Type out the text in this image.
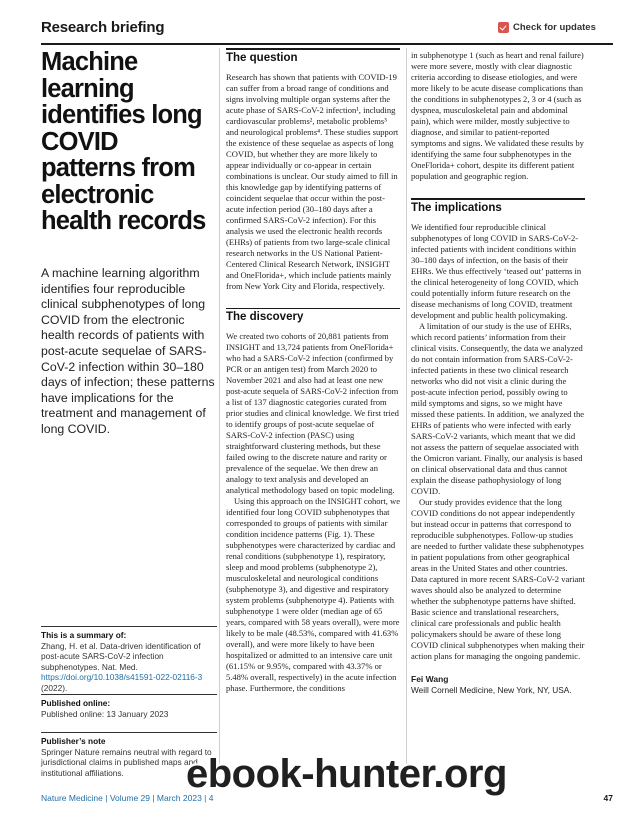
Research briefing	Check for updates
Machine learning identifies long COVID patterns from electronic health records

A machine learning algorithm identifies four reproducible clinical subphenotypes of long COVID from the electronic health records of patients with post-acute sequelae of SARS-CoV-2 infection within 30–180 days of infection; these patterns have implications for the treatment and management of long COVID.

This is a summary of:
Zhang, H. et al. Data-driven identification of post-acute SARS-CoV-2 infection subphenotypes. Nat. Med. https://doi.org/10.1038/s41591-022-02116-3 (2022).
Published online:
Published online: 13 January 2023
Publisher’s note
Springer Nature remains neutral with regard to jurisdictional claims in published maps and institutional affiliations.
The question

Research has shown that patients with COVID-19 can suffer from a broad range of conditions and signs involving multiple organ systems after the acute phase of SARS-CoV-2 infection¹, including cardiovascular problems², metabolic problems³ and neurological problems⁴. These studies support the existence of these sequelae as aspects of long COVID, but whether they are more likely to appear individually or co-appear in certain combinations is unclear. Our study aimed to fill in this knowledge gap by identifying patterns of coincident sequelae that occur within the post-acute infection period (30–180 days after a confirmed SARS-CoV-2 infection). For this analysis we used the electronic health records (EHRs) of patients from two large-scale clinical research networks in the US National Patient-Centered Clinical Research Network, INSIGHT and OneFlorida+, which include patients mainly from New York City and Florida, respectively.

The discovery

We created two cohorts of 20,881 patients from INSIGHT and 13,724 patients from OneFlorida+ who had a SARS-CoV-2 infection (confirmed by PCR or an antigen test) from March 2020 to November 2021 and also had at least one new post-acute sequela of SARS-CoV-2 infection from a list of 137 diagnostic categories curated from prior studies and clinical knowledge. We first tried to identify groups of post-acute sequelae of SARS-CoV-2 infection (PASC) using straightforward clustering methods, but these failed owing to the discrete nature and rarity or prevalence of the sequelae. We then drew an analogy to text analysis and developed an analytical methodology based on topic modeling.

Using this approach on the INSIGHT cohort, we identified four long COVID subphenotypes that corresponded to groups of patients with similar condition incidence patterns (Fig. 1). These subphenotypes were characterized by cardiac and renal conditions (subphenotype 1), respiratory, sleep and mood problems (subphenotype 2), musculoskeletal and neurological conditions (subphenotype 3), and digestive and respiratory system problems (subphenotype 4). Patients with subphenotype 1 were older (median age of 65 years, compared with 58 years overall), were more likely to be male (48.53%, compared with 41.63% overall), and were more likely to have been hospitalized or admitted to an intensive care unit (61.15% or 9.95%, compared with 43.37% or 5.48% overall, respectively) in the acute infection phase. Furthermore, the conditions

in subphenotype 1 (such as heart and renal failure) were more severe, mostly with clear diagnostic criteria according to disease etiologies, and were more likely to be acute disease complications than the conditions in subphenotypes 2, 3 or 4 (such as dyspnea, musculoskeletal pain and abdominal pain), which were milder, mostly subjective to diagnose, and similar to patient-reported symptoms and signs. We validated these results by identifying the same four subphenotypes in the OneFlorida+ cohort, despite its different patient population and geographic region.

The implications

We identified four reproducible clinical subphenotypes of long COVID in SARS-CoV-2-infected patients with incident conditions within 30–180 days of infection, on the basis of their EHRs. We thus effectively ‘teased out’ patterns in the clinical heterogeneity of long COVID, which could potentially inform future research on the disease mechanisms of long COVID, treatment development and public health policymaking.

A limitation of our study is the use of EHRs, which record patients’ information from their clinical visits. Consequently, the data we analyzed do not contain information from SARS-CoV-2-infected patients in these two clinical research networks who did not visit a clinic during the post-acute infection period, possibly owing to mild symptoms and signs, so we might have missed these patients. In addition, we analyzed the EHRs of patients who were infected with early SARS-CoV-2 variants, which meant that we did not assess the pattern of sequelae associated with the Omicron variant. Finally, our analysis is based on clinical observational data and thus cannot explain the disease pathophysiology of long COVID.

Our study provides evidence that the long COVID conditions do not appear independently but instead occur in patterns that correspond to reproducible subphenotypes. Follow-up studies are needed to further validate these subphenotypes in patient populations from other geographical areas in the United States and other countries. Data captured in more recent SARS-CoV-2 variant waves should also be analyzed to determine whether the subphenotype patterns have shifted. Basic science and translational researchers, clinical care professionals and public health policymakers should be aware of these long COVID clinical subphenotypes when making their action plans for managing the ongoing pandemic.

Fei Wang
Weill Cornell Medicine, New York, NY, USA.
Nature Medicine | Volume 29 | March 2023 | 4	47
ebook-hunter.org
